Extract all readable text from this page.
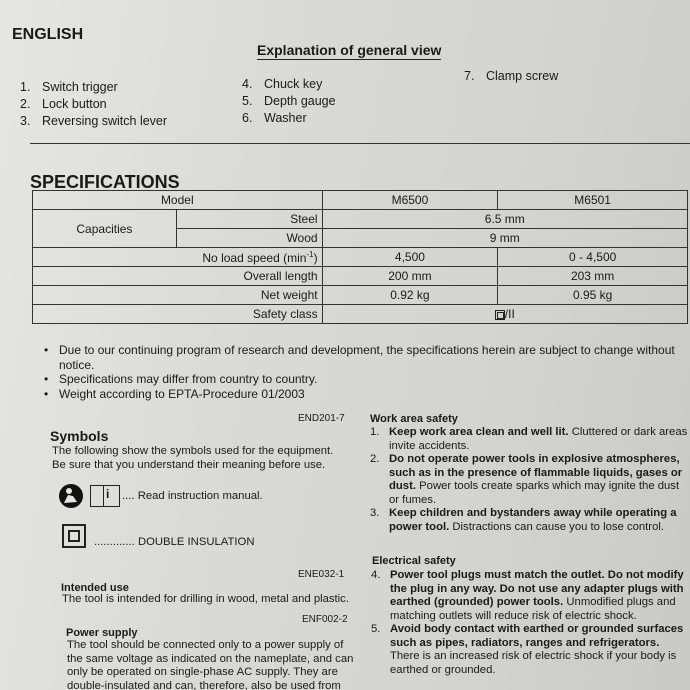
ENGLISH
Explanation of general view
1. Switch trigger
2. Lock button
3. Reversing switch lever
4. Chuck key
5. Depth gauge
6. Washer
7. Clamp screw
SPECIFICATIONS
Model		M6500	M6501
Capacities	Steel	6.5 mm	
	Wood	9 mm	
No load speed $(\min^{-1})$		4,500	0 - 4,500
Overall length		200 mm	203 mm
Net weight		0.92 kg	0.95 kg
Safety class		/II	
• Due to our continuing program of research and development, the specifications herein are subject to change without notice.
• Specifications may differ from country to country.
• Weight according to EPTA-Procedure 01/2003
END201-7
Symbols
The following show the symbols used for the equipment.
Be sure that you understand their meaning before use.
i .... Read instruction manual.
............. DOUBLE INSULATION
ENE032-1
Intended use
The tool is intended for drilling in wood, metal and plastic.
ENF002-2
Power supply
The tool should be connected only to a power supply of
the same voltage as indicated on the nameplate, and can
only be operated on single-phase AC supply. They are
double-insulated and can, therefore, also be used from
Work area safety
1. Keep work area clean and well lit. Cluttered or dark areas invite accidents.
2. Do not operate power tools in explosive atmospheres, such as in the presence of flammable liquids, gases or dust. Power tools create sparks which may ignite the dust or fumes.
3. Keep children and bystanders away while operating a power tool. Distractions can cause you to lose control.
Electrical safety
4. Power tool plugs must match the outlet. Do not modify the plug in any way. Do not use any adapter plugs with earthed (grounded) power tools. Unmodified plugs and matching outlets will reduce risk of electric shock.
5. Avoid body contact with earthed or grounded surfaces such as pipes, radiators, ranges and refrigerators. There is an increased risk of electric shock if your body is earthed or grounded.
